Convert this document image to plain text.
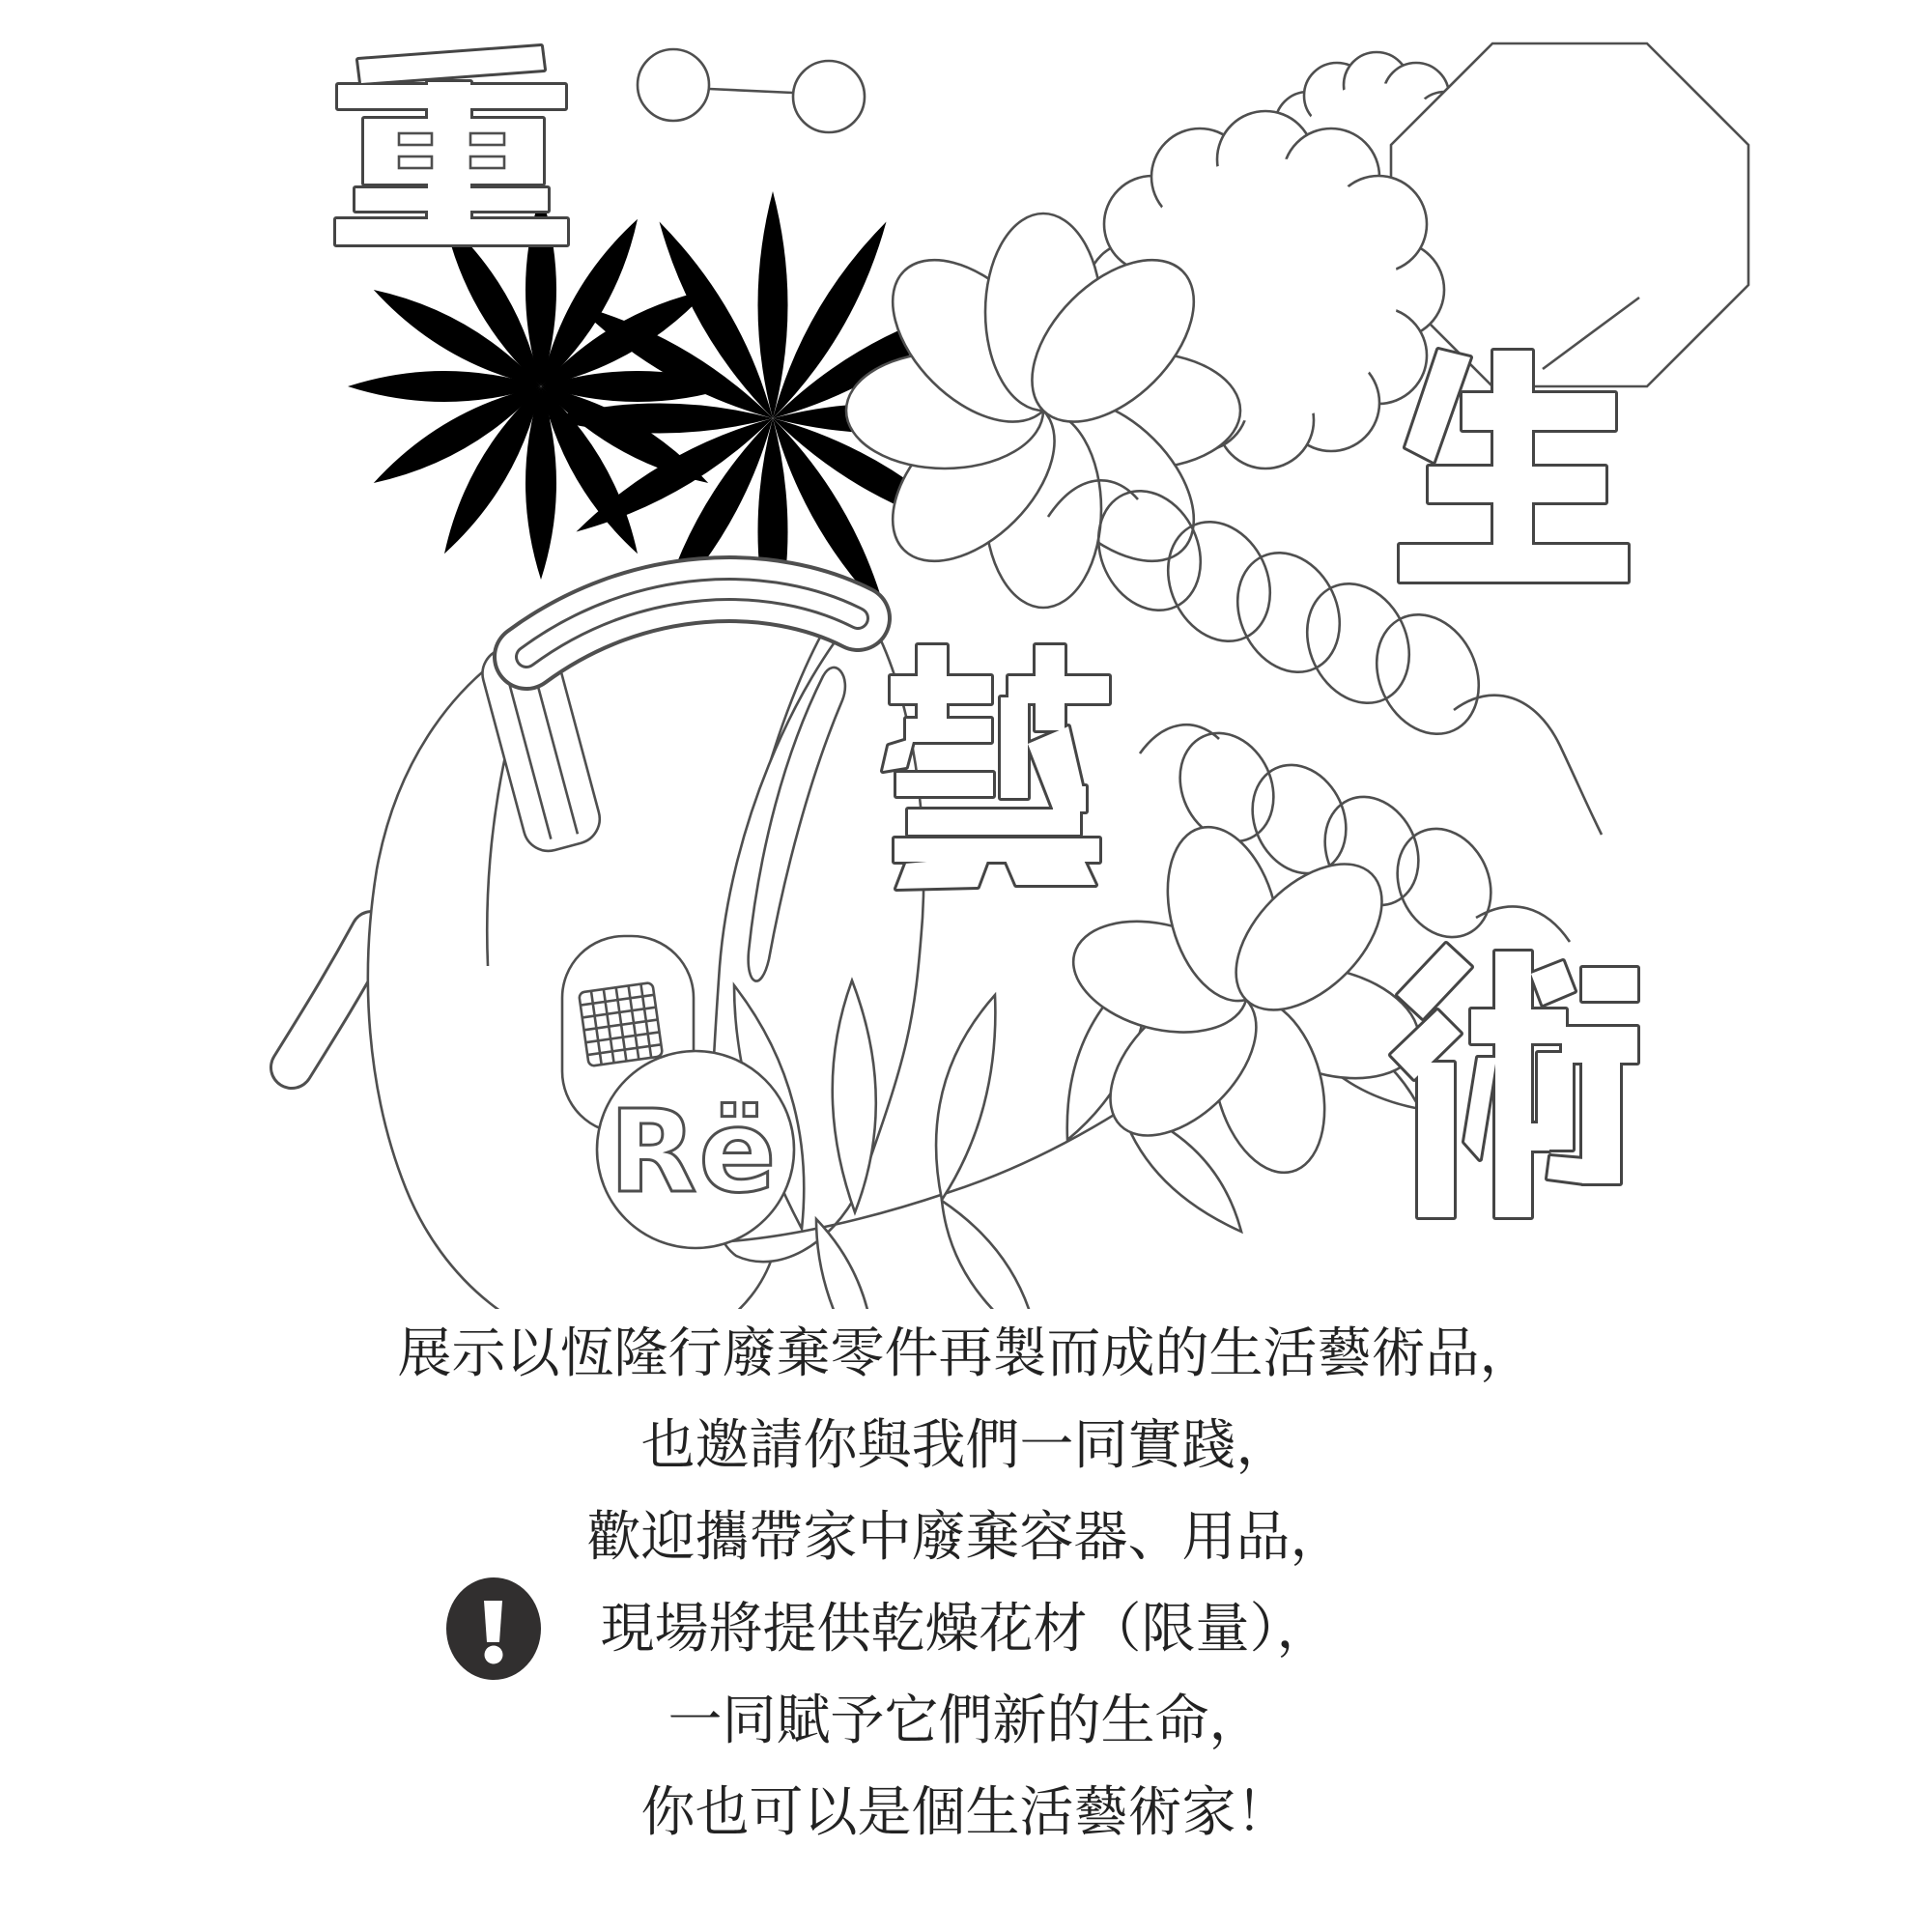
Rë
展示以恆隆行廢棄零件再製而成的生活藝術品，
也邀請你與我們一同實踐，
歡迎攜帶家中廢棄容器、用品，
現場將提供乾燥花材（限量），
一同賦予它們新的生命，
你也可以是個生活藝術家！
